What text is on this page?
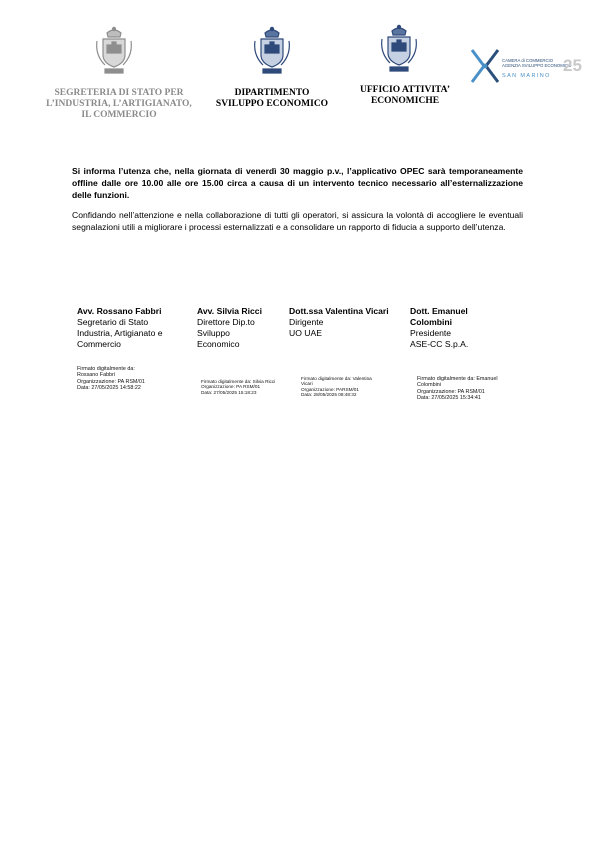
CAMERA di COMMERCIO
AGENZIA SVILUPPO ECONOMICO
SAN MARINO
25
SEGRETERIA DI STATO PER
L’INDUSTRIA, L’ARTIGIANATO,
IL COMMERCIO
DIPARTIMENTO
SVILUPPO ECONOMICO
UFFICIO ATTIVITA’
ECONOMICHE

Si informa l’utenza che, nella giornata di venerdì 30 maggio p.v., l’applicativo OPEC sarà temporaneamente offline dalle ore 10.00 alle ore 15.00 circa a causa di un intervento tecnico necessario all’esternalizzazione delle funzioni.

Confidando nell’attenzione e nella collaborazione di tutti gli operatori, si assicura la volontà di accogliere le eventuali segnalazioni utili a migliorare i processi esternalizzati e a consolidare un rapporto di fiducia a supporto dell’utenza.

Avv. Rossano Fabbri
Segretario di Stato
Industria, Artigianato e
Commercio
Avv. Silvia Ricci
Direttore Dip.to
Sviluppo
Economico
Dott.ssa Valentina Vicari
Dirigente
UO UAE
Dott. Emanuel Colombini
Presidente
ASE-CC S.p.A.
Firmato digitalmente da:
Rossano Fabbri
Organizzazione: PA RSM/01
Data: 27/05/2025 14:58:22
Firmato digitalmente da: Silvia Ricci
Organizzazione: PA RSM/01
Data: 27/05/2025 15:18:23
Firmato digitalmente da: Valentina
Vicari
Organizzazione: PARSM/01
Data: 28/05/2025 08:48:32
Firmato digitalmente da: Emanuel
Colombini
Organizzazione: PA RSM/01
Data: 27/05/2025 15:34:41
